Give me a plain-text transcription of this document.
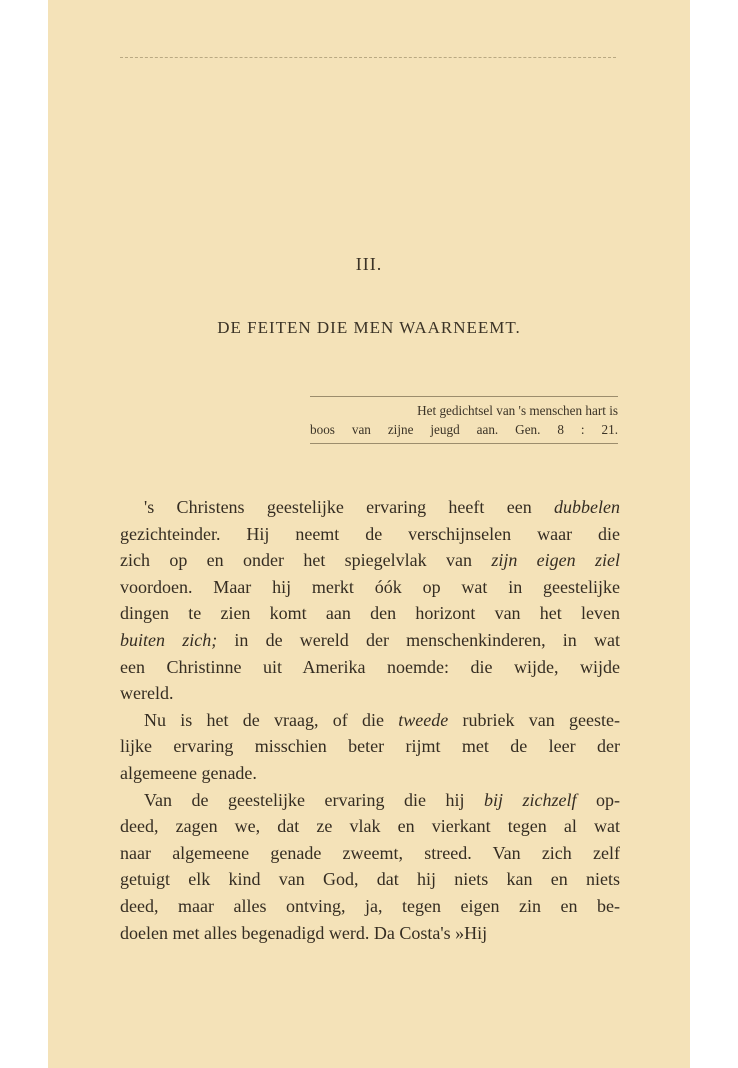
III.
DE FEITEN DIE MEN WAARNEEMT.
Het gedichtsel van 's menschen hart is
boos van zijne jeugd aan. Gen. 8 : 21.

's Christens geestelijke ervaring heeft een dubbelen
gezichteinder. Hij neemt de verschijnselen waar die
zich op en onder het spiegelvlak van zijn eigen ziel
voordoen. Maar hij merkt óók op wat in geestelijke
dingen te zien komt aan den horizont van het leven
buiten zich; in de wereld der menschenkinderen, in wat
een Christinne uit Amerika noemde: die wijde, wijde
wereld.

Nu is het de vraag, of die tweede rubriek van geeste-
lijke ervaring misschien beter rijmt met de leer der
algemeene genade.

Van de geestelijke ervaring die hij bij zichzelf op-
deed, zagen we, dat ze vlak en vierkant tegen al wat
naar algemeene genade zweemt, streed. Van zich zelf
getuigt elk kind van God, dat hij niets kan en niets
deed, maar alles ontving, ja, tegen eigen zin en be-
doelen met alles begenadigd werd. Da Costa's »Hij
